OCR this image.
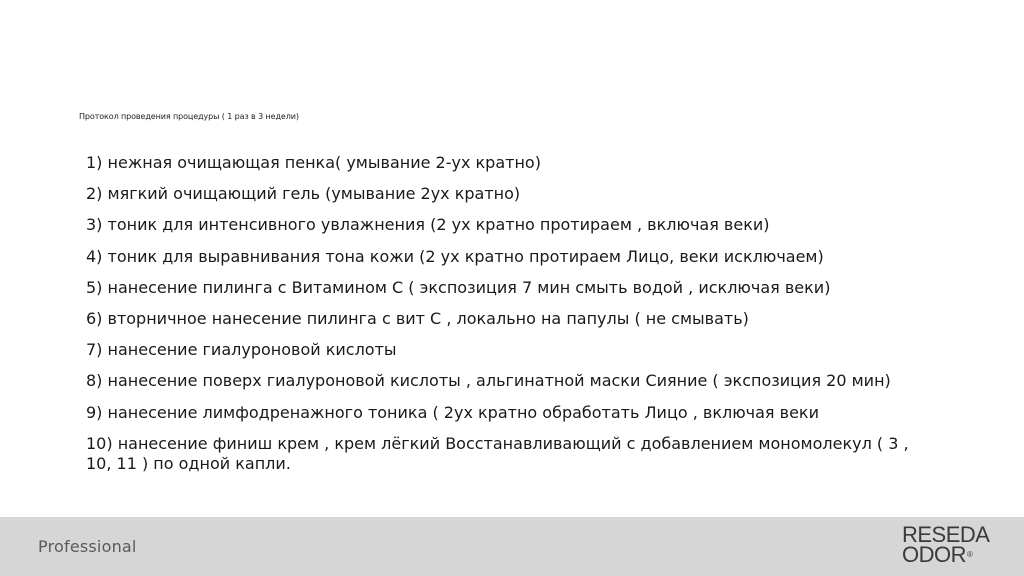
Протокол проведения процедуры ( 1 раз в 3 недели)
1) нежная очищающая пенка( умывание 2-ух кратно)
2) мягкий очищающий гель (умывание 2ух кратно)
3) тоник для интенсивного увлажнения (2 ух кратно протираем , включая веки)
4) тоник для выравнивания тона кожи (2 ух кратно протираем Лицо, веки исключаем)
5) нанесение пилинга с Витамином С ( экспозиция 7 мин смыть водой , исключая веки)
6) вторничное нанесение пилинга с вит С , локально на папулы ( не смывать)
7) нанесение гиалуроновой кислоты
8) нанесение поверх гиалуроновой кислоты , альгинатной маски Сияние ( экспозиция 20 мин)
9) нанесение лимфодренажного тоника ( 2ух кратно обработать Лицо , включая веки
10) нанесение финиш крем , крем лёгкий Восстанавливающий с добавлением мономолекул ( 3 , 10, 11 ) по одной капли.
Professional	RESEDA
ODOR®
